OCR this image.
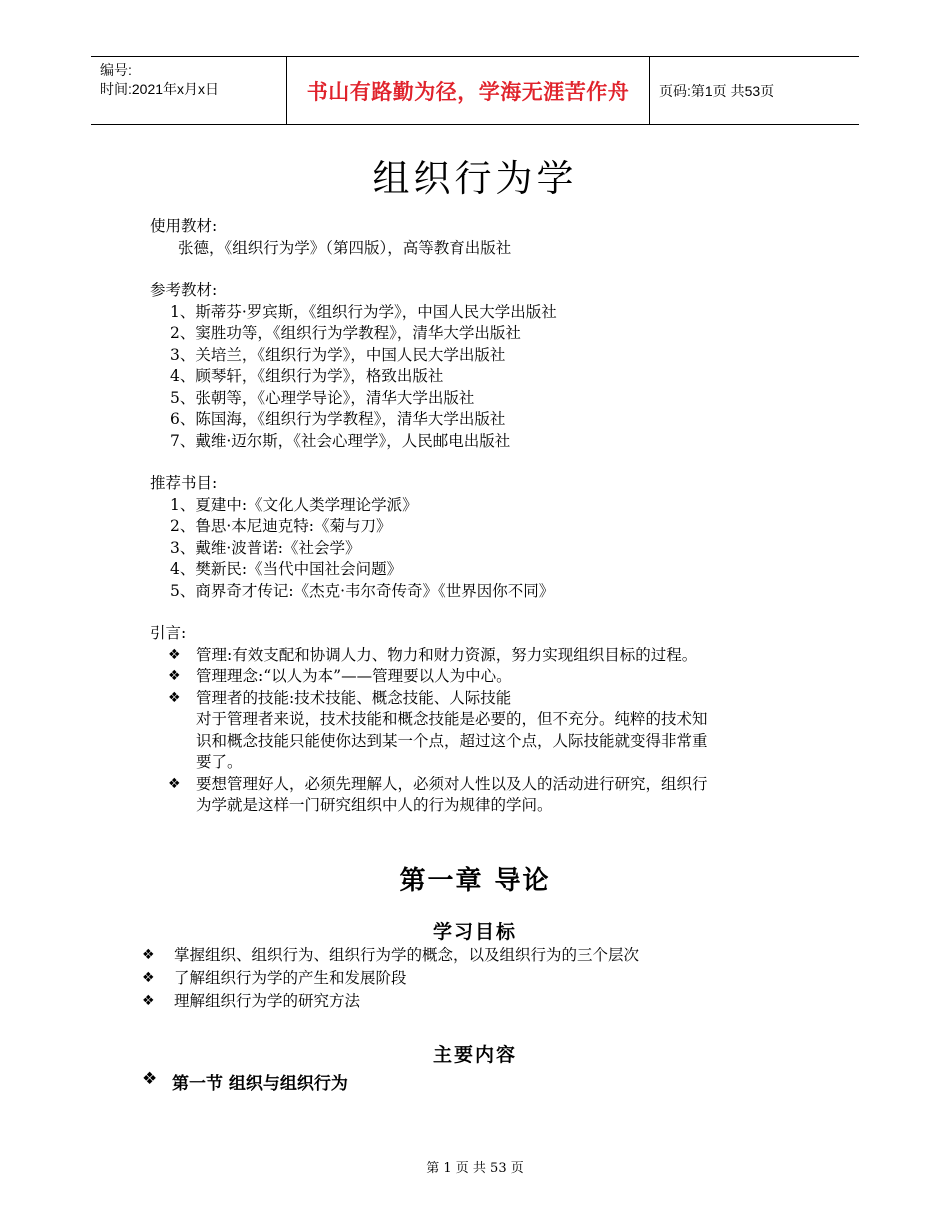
编号:
时间:2021年x月x日	书山有路勤为径，学海无涯苦作舟	页码:第1页 共53页
组织行为学
使用教材:
张德，《组织行为学》（第四版），高等教育出版社
参考教材:
1、斯蒂芬·罗宾斯，《组织行为学》，中国人民大学出版社
2、窦胜功等，《组织行为学教程》，清华大学出版社
3、关培兰，《组织行为学》，中国人民大学出版社
4、顾琴轩，《组织行为学》，格致出版社
5、张朝等，《心理学导论》，清华大学出版社
6、陈国海，《组织行为学教程》，清华大学出版社
7、戴维·迈尔斯，《社会心理学》，人民邮电出版社
推荐书目:
1、夏建中:《文化人类学理论学派》
2、鲁思·本尼迪克特:《菊与刀》
3、戴维·波普诺:《社会学》
4、樊新民:《当代中国社会问题》
5、商界奇才传记:《杰克·韦尔奇传奇》《世界因你不同》
引言:
❖ 管理:有效支配和协调人力、物力和财力资源，努力实现组织目标的过程。
❖ 管理理念:“以人为本”——管理要以人为中心。
❖ 管理者的技能:技术技能、概念技能、人际技能
对于管理者来说，技术技能和概念技能是必要的，但不充分。纯粹的技术知
识和概念技能只能使你达到某一个点，超过这个点，人际技能就变得非常重
要了。
❖ 要想管理好人，必须先理解人，必须对人性以及人的活动进行研究，组织行
为学就是这样一门研究组织中人的行为规律的学问。
第一章 导论
学习目标
❖	掌握组织、组织行为、组织行为学的概念，以及组织行为的三个层次
❖	了解组织行为学的产生和发展阶段
❖	理解组织行为学的研究方法
主要内容
❖ 第一节 组织与组织行为
第 1 页 共 53 页
